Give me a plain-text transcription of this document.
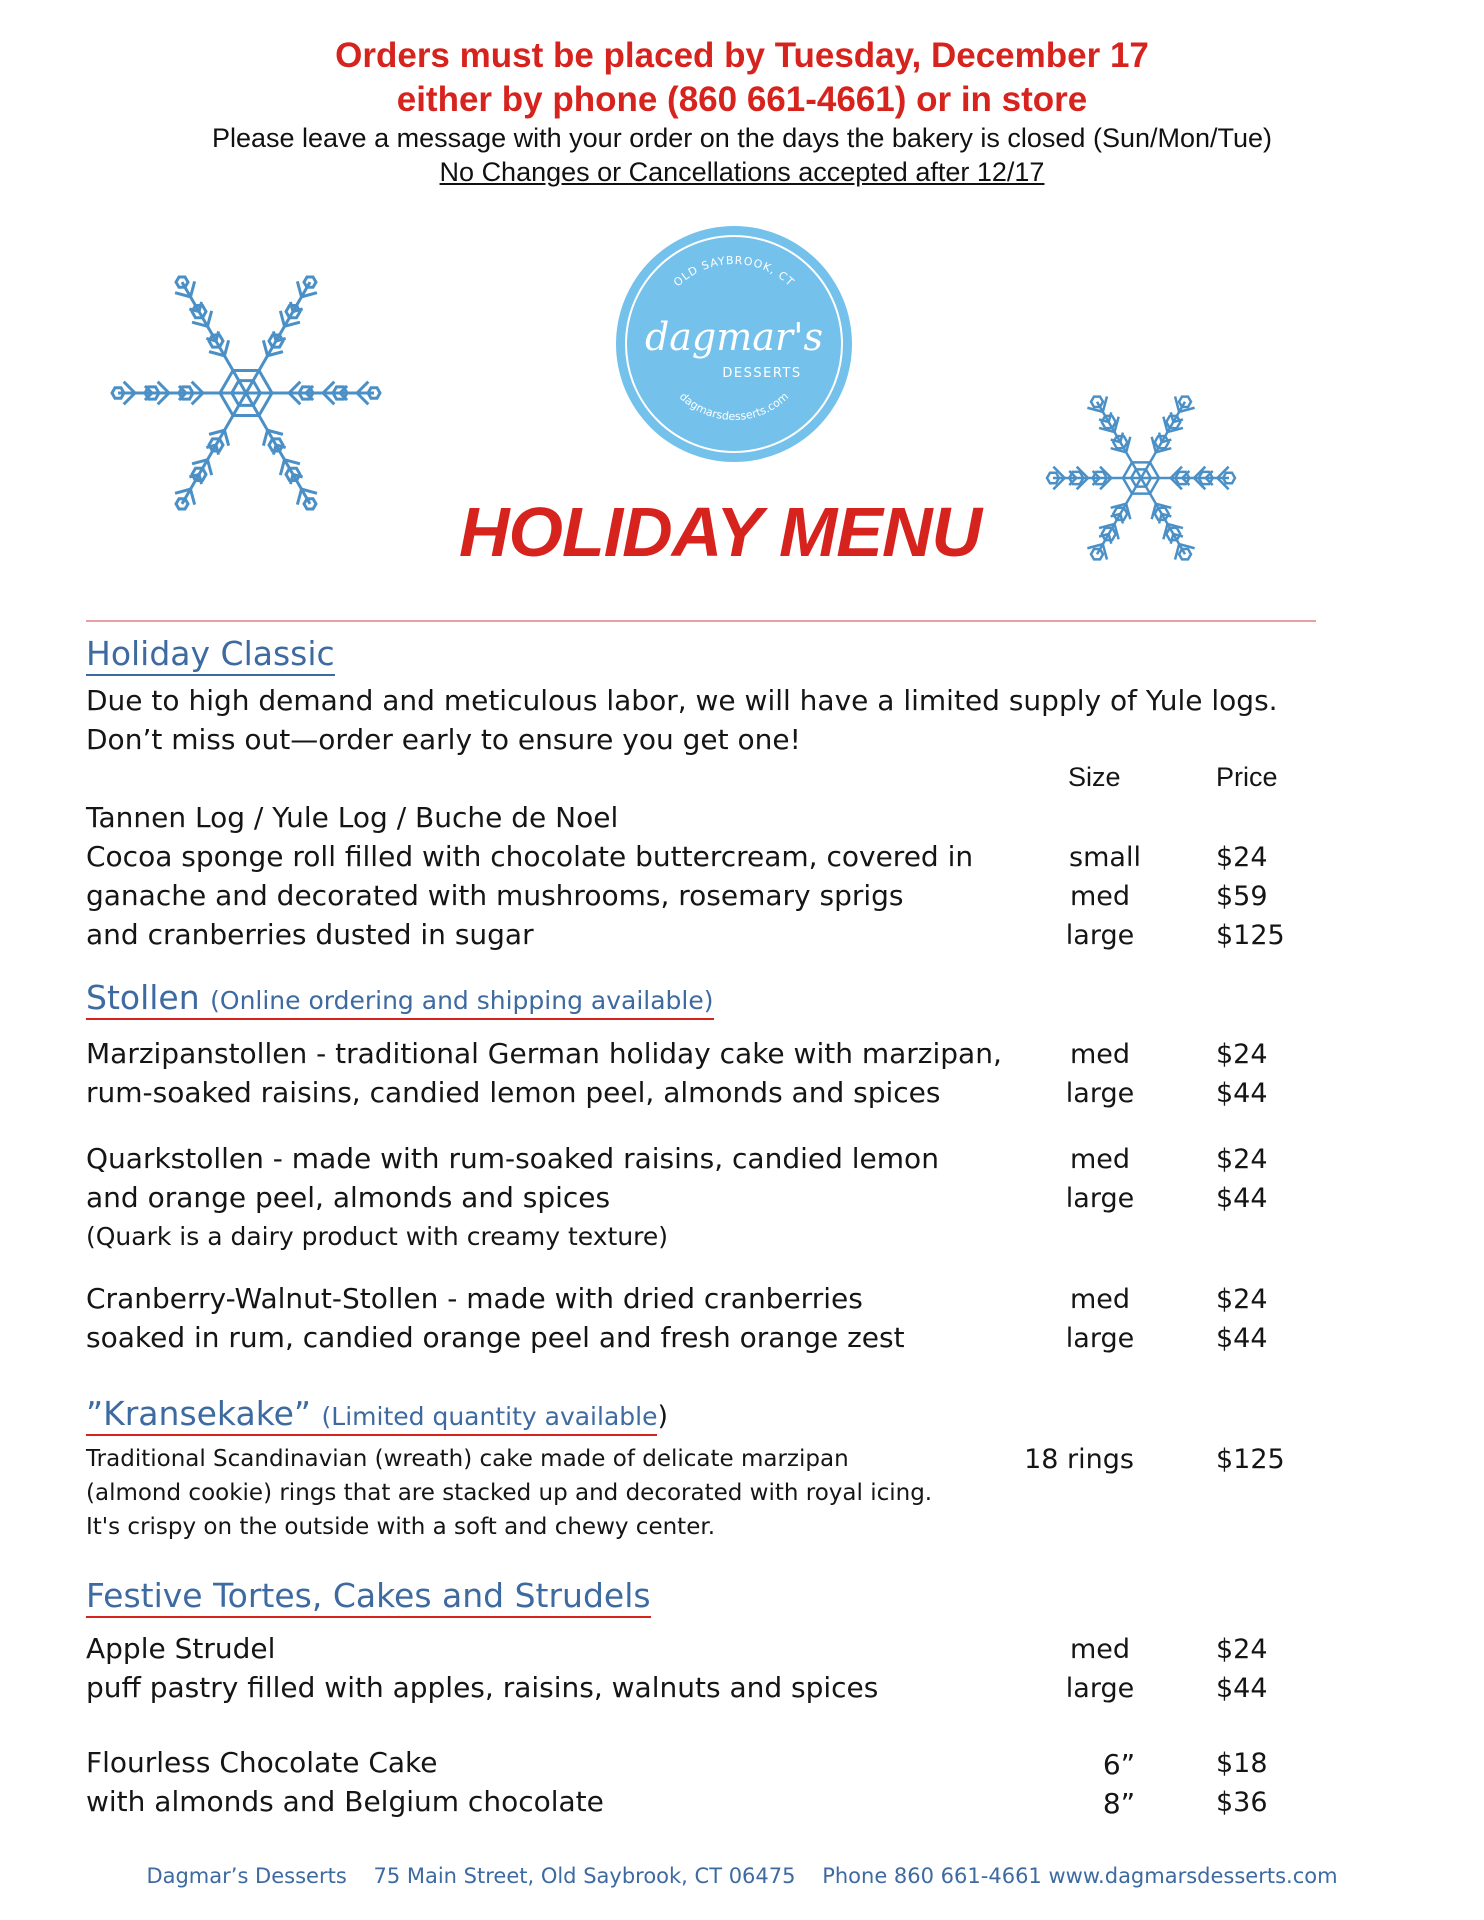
Orders must be placed by Tuesday, December 17
either by phone (860 661-4661) or in store
Please leave a message with your order on the days the bakery is closed (Sun/Mon/Tue)
No Changes or Cancellations accepted after 12/17
OLD SAYBROOK, CT
dagmar's
DESSERTS
dagmarsdesserts.com
HOLIDAY MENU
Holiday Classic
Due to high demand and meticulous labor, we will have a limited supply of Yule logs.
Don’t miss out—order early to ensure you get one!
Size	Price
Tannen Log / Yule Log / Buche de Noel
Cocoa sponge roll filled with chocolate buttercream, covered in
ganache and decorated with mushrooms, rosemary sprigs
and cranberries dusted in sugar
small
med
large
$24
$59
$125
Stollen (Online ordering and shipping available)
Marzipanstollen - traditional German holiday cake with marzipan,
rum-soaked raisins, candied lemon peel, almonds and spices
med
large
$24
$44
Quarkstollen - made with rum-soaked raisins, candied lemon
and orange peel, almonds and spices
(Quark is a dairy product with creamy texture)
med
large
$24
$44
Cranberry-Walnut-Stollen - made with dried cranberries
soaked in rum, candied orange peel and fresh orange zest
med
large
$24
$44
”Kransekake” (Limited quantity available)
Traditional Scandinavian (wreath) cake made of delicate marzipan
(almond cookie) rings that are stacked up and decorated with royal icing.
It's crispy on the outside with a soft and chewy center.
18 rings	$125
Festive Tortes, Cakes and Strudels
Apple Strudel
puff pastry filled with apples, raisins, walnuts and spices
med
large
$24
$44
Flourless Chocolate Cake
with almonds and Belgium chocolate
6”
8”
$18
$36
Dagmar’s Desserts    75 Main Street, Old Saybrook, CT 06475    Phone 860 661-4661 www.dagmarsdesserts.com
